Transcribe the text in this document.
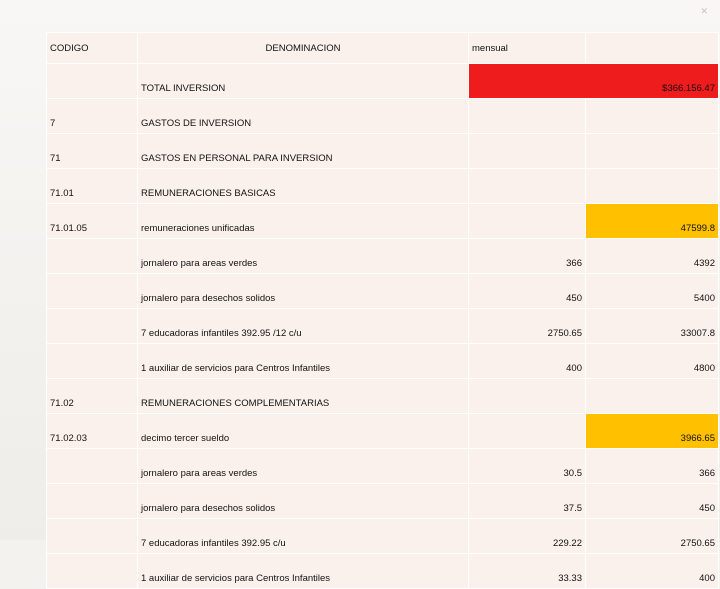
✕
CODIGO	DENOMINACION	mensual	
	TOTAL INVERSION	$366.156.47	
7	GASTOS DE INVERSION		
71	GASTOS EN PERSONAL PARA INVERSION		
71.01	REMUNERACIONES BASICAS		
71.01.05	remuneraciones unificadas		47599.8
	jornalero para areas verdes	366	4392
	jornalero para desechos solidos	450	5400
	7 educadoras infantiles 392.95 /12 c/u	2750.65	33007.8
	1 auxiliar de servicios para Centros Infantiles	400	4800
71.02	REMUNERACIONES COMPLEMENTARIAS		
71.02.03	decimo tercer sueldo		3966.65
	jornalero para areas verdes	30.5	366
	jornalero para desechos solidos	37.5	450
	7 educadoras infantiles 392.95 c/u	229.22	2750.65
	1 auxiliar de servicios para Centros Infantiles	33.33	400
